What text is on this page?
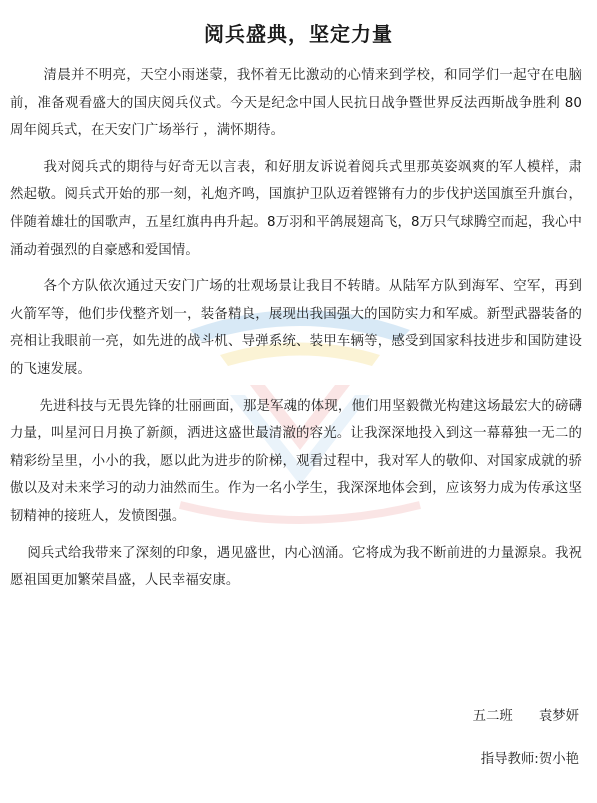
阅兵盛典，坚定力量

清晨并不明亮，天空小雨迷蒙，我怀着无比激动的心情来到学校，和同学们一起守在电脑前，准备观看盛大的国庆阅兵仪式。今天是纪念中国人民抗日战争暨世界反法西斯战争胜利 80周年阅兵式，在天安门广场举行 ，满怀期待。

我对阅兵式的期待与好奇无以言表，和好朋友诉说着阅兵式里那英姿飒爽的军人模样，肃然起敬。阅兵式开始的那一刻，礼炮齐鸣，国旗护卫队迈着铿锵有力的步伐护送国旗至升旗台，伴随着雄壮的国歌声，五星红旗冉冉升起。8万羽和平鸽展翅高飞，8万只气球腾空而起，我心中涌动着强烈的自豪感和爱国情。

各个方队依次通过天安门广场的壮观场景让我目不转睛。从陆军方队到海军、空军，再到火箭军等，他们步伐整齐划一，装备精良，展现出我国强大的国防实力和军威。新型武器装备的亮相让我眼前一亮，如先进的战斗机、导弹系统、装甲车辆等，感受到国家科技进步和国防建设的飞速发展。

先进科技与无畏先锋的壮丽画面，那是军魂的体现，他们用坚毅微光构建这场最宏大的磅礴力量，叫星河日月换了新颜，洒进这盛世最清澈的容光。让我深深地投入到这一幕幕独一无二的精彩纷呈里，小小的我，愿以此为进步的阶梯，观看过程中，我对军人的敬仰、对国家成就的骄傲以及对未来学习的动力油然而生。作为一名小学生，我深深地体会到，应该努力成为传承这坚韧精神的接班人，发愤图强。

阅兵式给我带来了深刻的印象，遇见盛世，内心汹涌。它将成为我不断前进的力量源泉。我祝愿祖国更加繁荣昌盛，人民幸福安康。

五二班 袁梦妍
指导教师:贺小艳
